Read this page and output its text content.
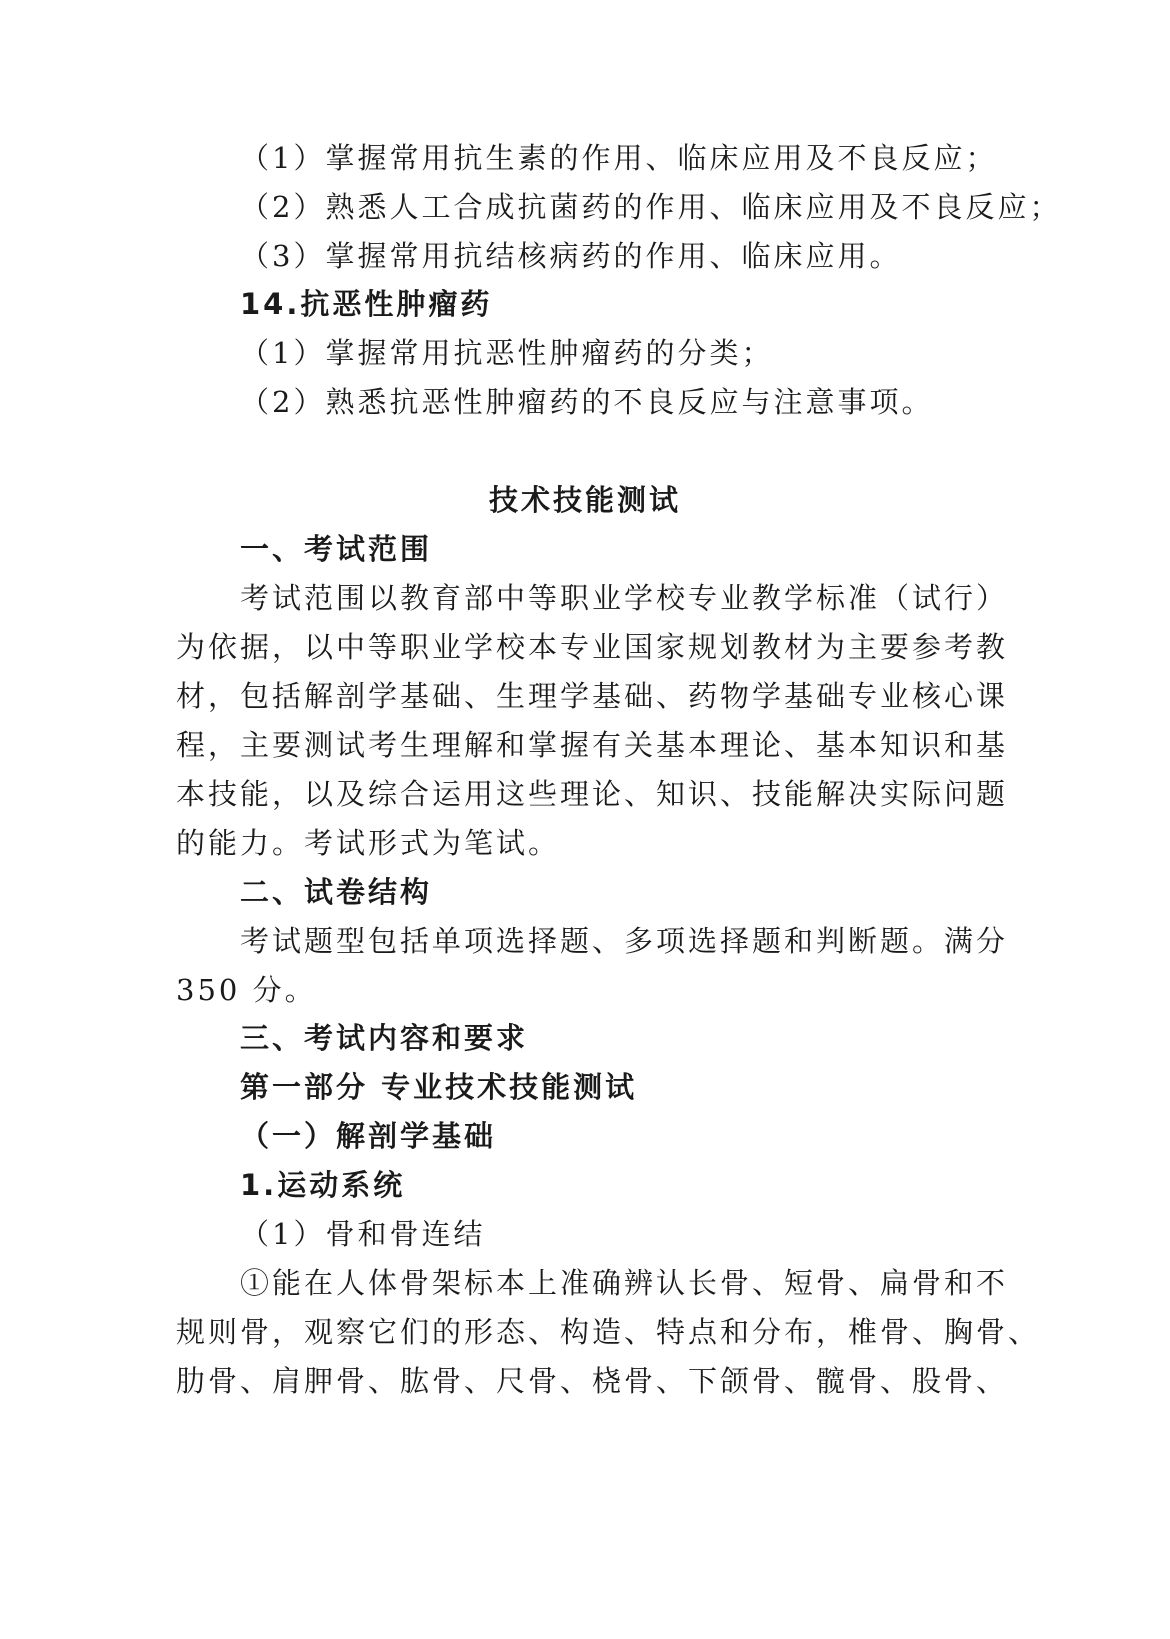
（1）掌握常用抗生素的作用、临床应用及不良反应；
（2）熟悉人工合成抗菌药的作用、临床应用及不良反应；
（3）掌握常用抗结核病药的作用、临床应用。
14.抗恶性肿瘤药
（1）掌握常用抗恶性肿瘤药的分类；
（2）熟悉抗恶性肿瘤药的不良反应与注意事项。
技术技能测试
一、考试范围
考试范围以教育部中等职业学校专业教学标准（试行）
为依据，以中等职业学校本专业国家规划教材为主要参考教
材，包括解剖学基础、生理学基础、药物学基础专业核心课
程，主要测试考生理解和掌握有关基本理论、基本知识和基
本技能，以及综合运用这些理论、知识、技能解决实际问题
的能力。考试形式为笔试。
二、试卷结构
考试题型包括单项选择题、多项选择题和判断题。满分
350 分。
三、考试内容和要求
第一部分 专业技术技能测试
（一）解剖学基础
1.运动系统
（1）骨和骨连结
①能在人体骨架标本上准确辨认长骨、短骨、扁骨和不
规则骨，观察它们的形态、构造、特点和分布，椎骨、胸骨、
肋骨、肩胛骨、肱骨、尺骨、桡骨、下颌骨、髋骨、股骨、
